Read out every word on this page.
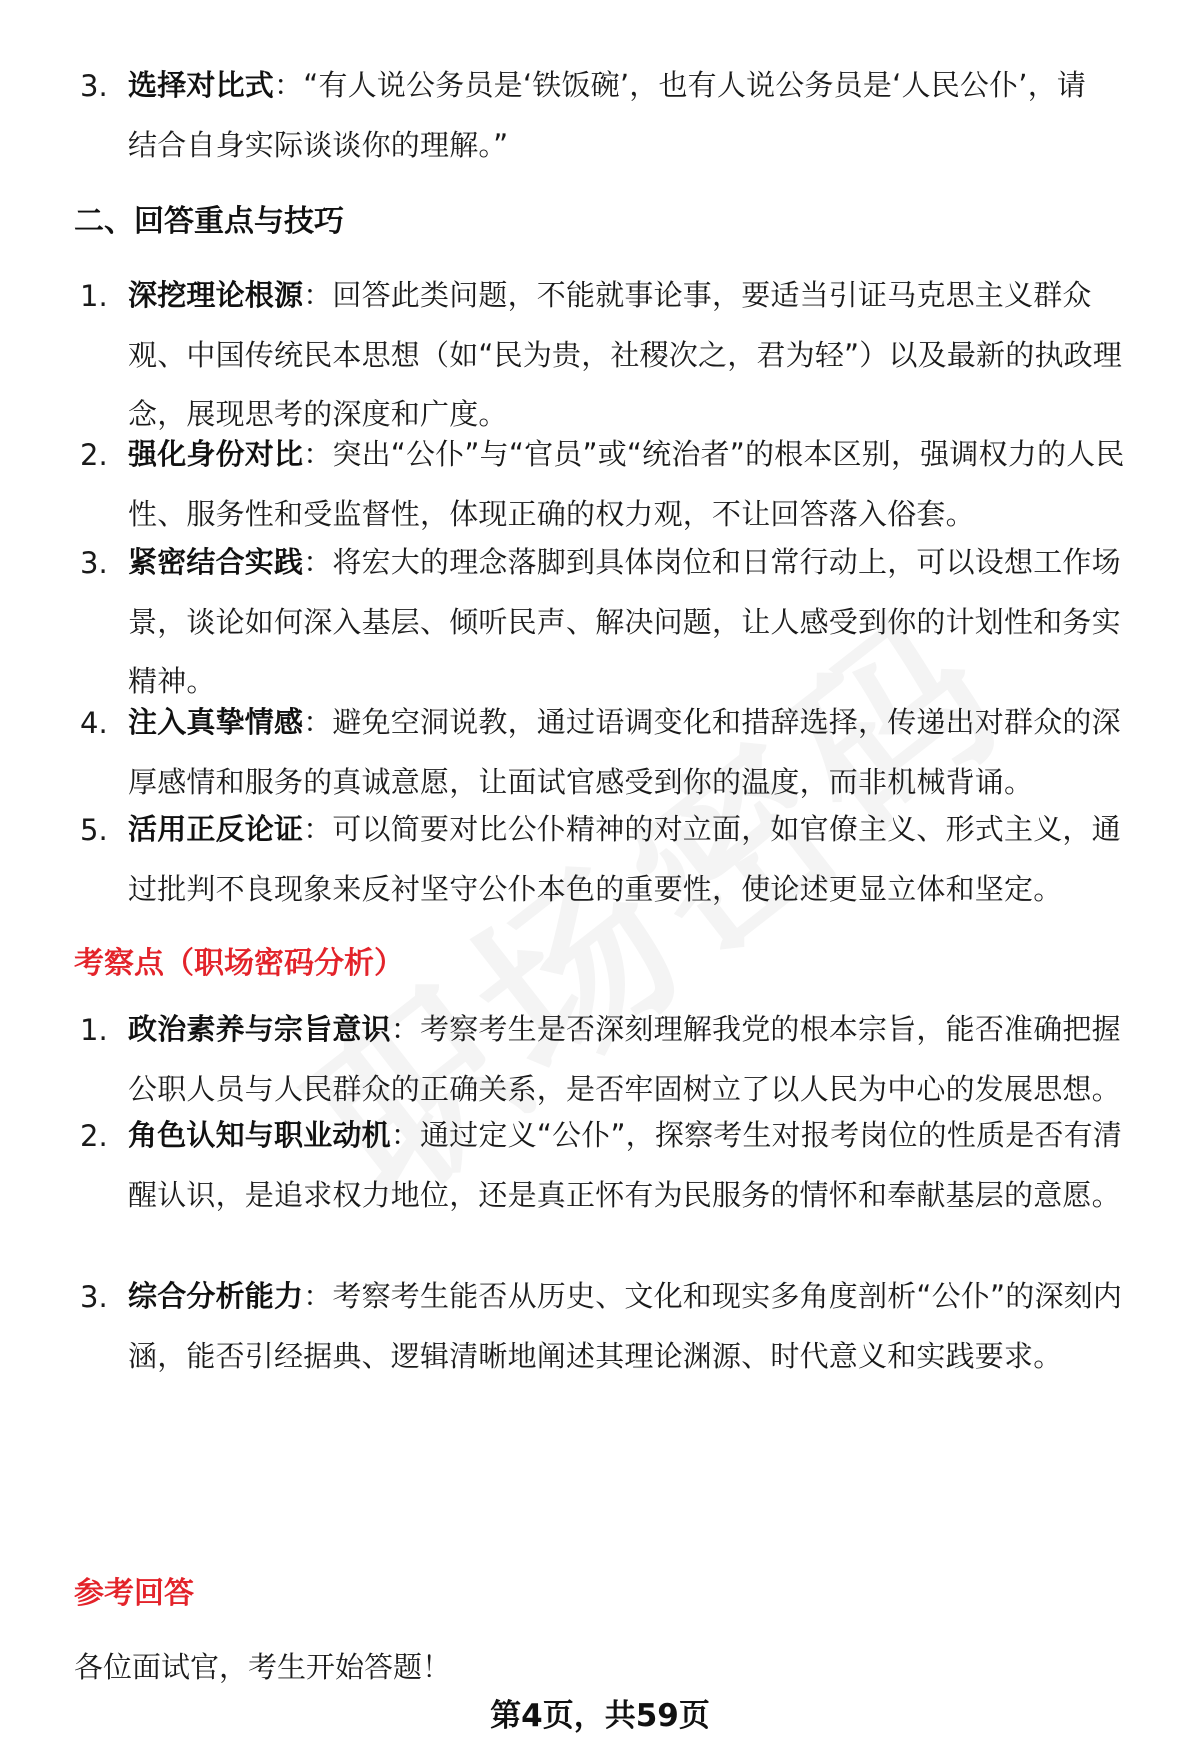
3. 选择对比式：“有人说公务员是‘铁饭碗’，也有人说公务员是‘人民公仆’，请结合自身实际谈谈你的理解。”
二、回答重点与技巧
1. 深挖理论根源：回答此类问题，不能就事论事，要适当引证马克思主义群众观、中国传统民本思想（如“民为贵，社稷次之，君为轻”）以及最新的执政理念，展现思考的深度和广度。
2. 强化身份对比：突出“公仆”与“官员”或“统治者”的根本区别，强调权力的人民性、服务性和受监督性，体现正确的权力观，不让回答落入俗套。
3. 紧密结合实践：将宏大的理念落脚到具体岗位和日常行动上，可以设想工作场景，谈论如何深入基层、倾听民声、解决问题，让人感受到你的计划性和务实精神。
4. 注入真挚情感：避免空洞说教，通过语调变化和措辞选择，传递出对群众的深厚感情和服务的真诚意愿，让面试官感受到你的温度，而非机械背诵。
5. 活用正反论证：可以简要对比公仆精神的对立面，如官僚主义、形式主义，通过批判不良现象来反衬坚守公仆本色的重要性，使论述更显立体和坚定。
考察点（职场密码分析）
1. 政治素养与宗旨意识：考察考生是否深刻理解我党的根本宗旨，能否准确把握公职人员与人民群众的正确关系，是否牢固树立了以人民为中心的发展思想。
2. 角色认知与职业动机：通过定义“公仆”，探察考生对报考岗位的性质是否有清醒认识，是追求权力地位，还是真正怀有为民服务的情怀和奉献基层的意愿。
3. 综合分析能力：考察考生能否从历史、文化和现实多角度剖析“公仆”的深刻内涵，能否引经据典、逻辑清晰地阐述其理论渊源、时代意义和实践要求。
参考回答
各位面试官，考生开始答题！
第4页，共59页
